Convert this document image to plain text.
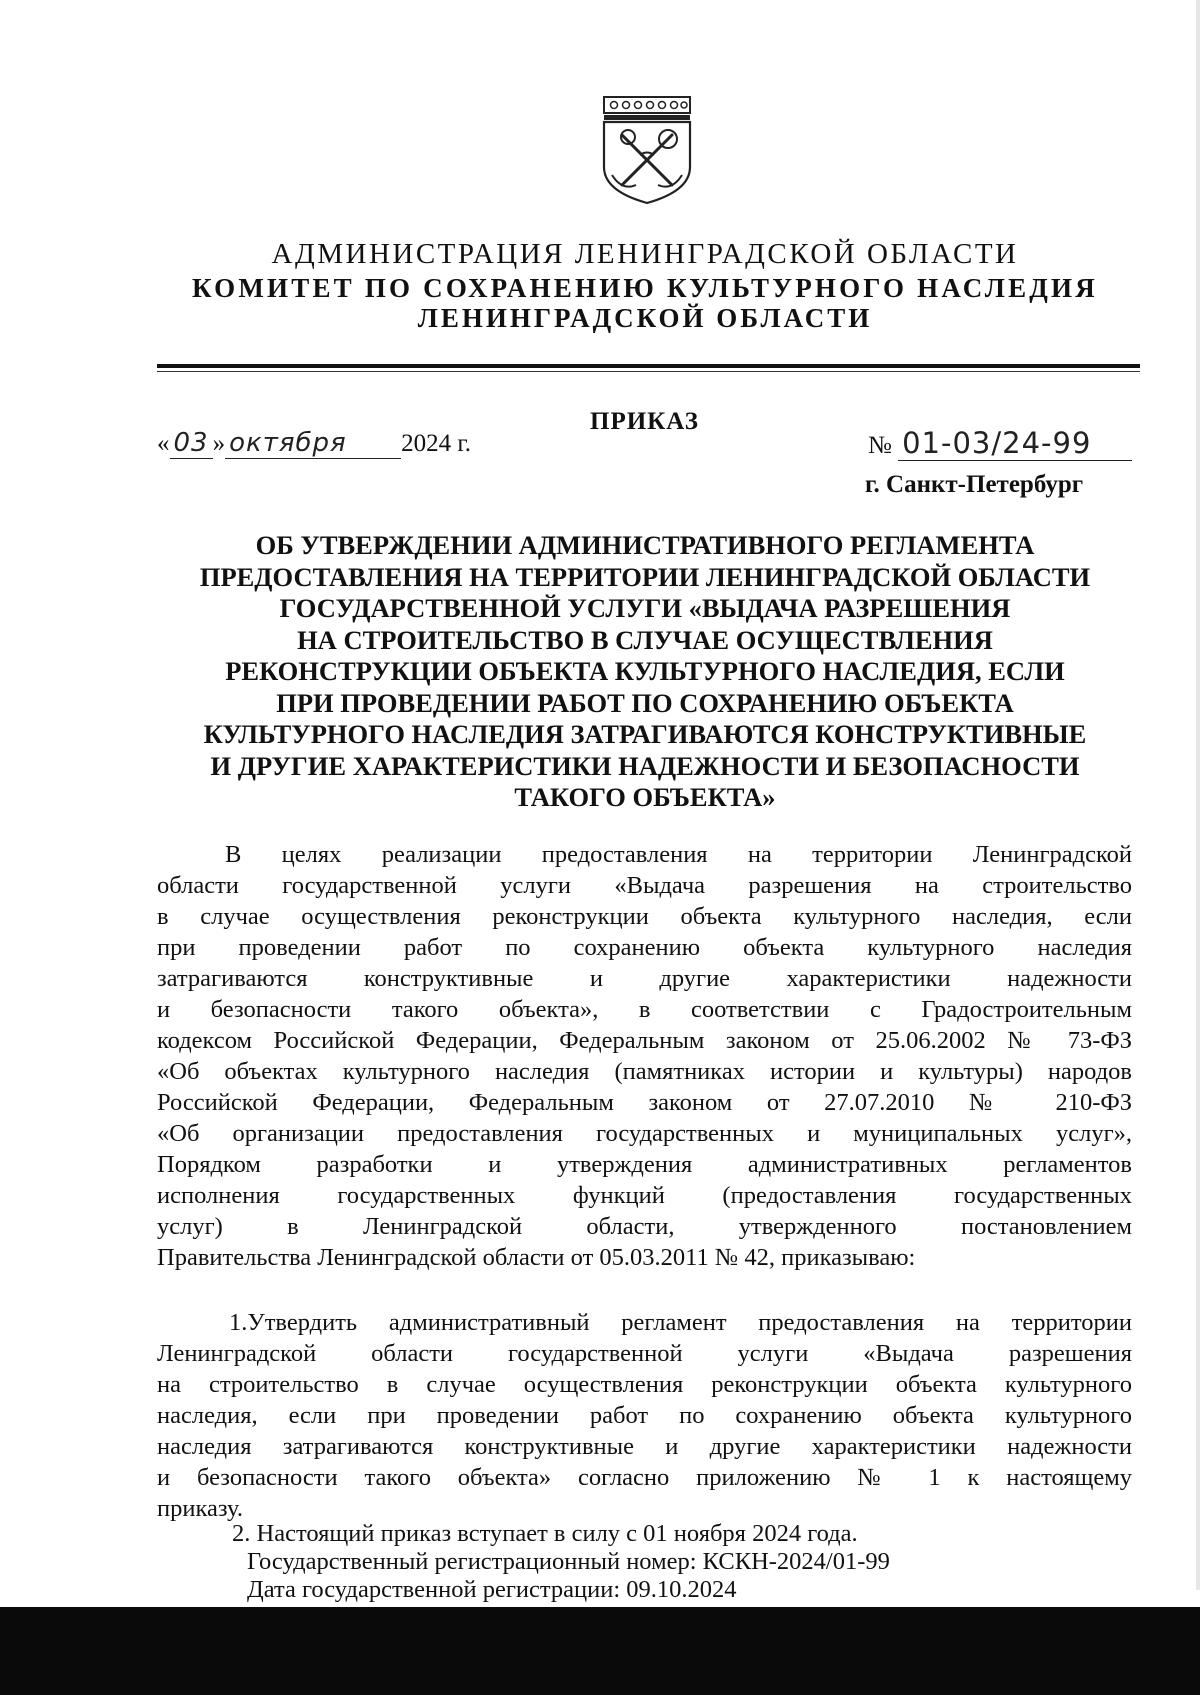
АДМИНИСТРАЦИЯ ЛЕНИНГРАДСКОЙ ОБЛАСТИ
КОМИТЕТ ПО СОХРАНЕНИЮ КУЛЬТУРНОГО НАСЛЕДИЯ
ЛЕНИНГРАДСКОЙ ОБЛАСТИ
ПРИКАЗ
« 03 » октября 2024 г.	№ 01-03/24-99
г. Санкт-Петербург
ОБ УТВЕРЖДЕНИИ АДМИНИСТРАТИВНОГО РЕГЛАМЕНТА
ПРЕДОСТАВЛЕНИЯ НА ТЕРРИТОРИИ ЛЕНИНГРАДСКОЙ ОБЛАСТИ
ГОСУДАРСТВЕННОЙ УСЛУГИ «ВЫДАЧА РАЗРЕШЕНИЯ
НА СТРОИТЕЛЬСТВО В СЛУЧАЕ ОСУЩЕСТВЛЕНИЯ
РЕКОНСТРУКЦИИ ОБЪЕКТА КУЛЬТУРНОГО НАСЛЕДИЯ, ЕСЛИ
ПРИ ПРОВЕДЕНИИ РАБОТ ПО СОХРАНЕНИЮ ОБЪЕКТА
КУЛЬТУРНОГО НАСЛЕДИЯ ЗАТРАГИВАЮТСЯ КОНСТРУКТИВНЫЕ
И ДРУГИЕ ХАРАКТЕРИСТИКИ НАДЕЖНОСТИ И БЕЗОПАСНОСТИ
ТАКОГО ОБЪЕКТА»
В целях реализации предоставления на территории Ленинградской
области государственной услуги «Выдача разрешения на строительство
в случае осуществления реконструкции объекта культурного наследия, если
при проведении работ по сохранению объекта культурного наследия
затрагиваются конструктивные и другие характеристики надежности
и безопасности такого объекта», в соответствии с Градостроительным
кодексом Российской Федерации, Федеральным законом от 25.06.2002 № 73-ФЗ
«Об объектах культурного наследия (памятниках истории и культуры) народов
Российской Федерации, Федеральным законом от 27.07.2010 № 210-ФЗ
«Об организации предоставления государственных и муниципальных услуг»,
Порядком разработки и утверждения административных регламентов
исполнения государственных функций (предоставления государственных
услуг) в Ленинградской области, утвержденного постановлением
Правительства Ленинградской области от 05.03.2011 № 42, приказываю:
1.Утвердить административный регламент предоставления на территории
Ленинградской области государственной услуги «Выдача разрешения
на строительство в случае осуществления реконструкции объекта культурного
наследия, если при проведении работ по сохранению объекта культурного
наследия затрагиваются конструктивные и другие характеристики надежности
и безопасности такого объекта» согласно приложению № 1 к настоящему
приказу.
2. Настоящий приказ вступает в силу с 01 ноября 2024 года.
Государственный регистрационный номер: КСКН-2024/01-99
Дата государственной регистрации: 09.10.2024
